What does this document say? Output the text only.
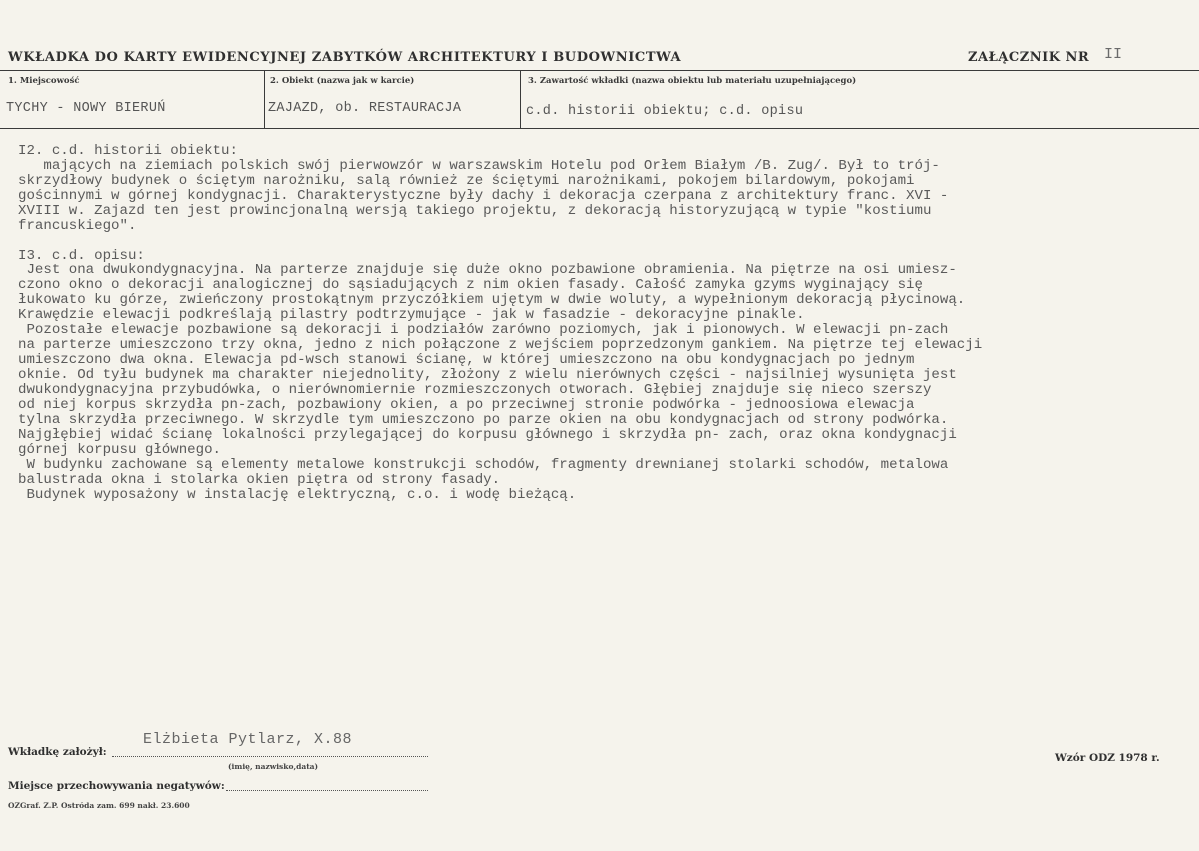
WKŁADKA DO KARTY EWIDENCYJNEJ ZABYTKÓW ARCHITEKTURY I BUDOWNICTWA	ZAŁĄCZNIK NR II
1. Miejscowość
TYCHY - NOWY BIERUŃ
2. Obiekt (nazwa jak w karcie)
ZAJAZD, ob. RESTAURACJA
3. Zawartość wkładki (nazwa obiektu lub materiału uzupełniającego)
c.d. historii obiektu; c.d. opisu
I2. c.d. historii obiektu:
mających na ziemiach polskich swój pierwowzór w warszawskim Hotelu pod Orłem Białym /B. Zug/. Był to trój-
skrzydłowy budynek o ściętym narożniku, salą również ze ściętymi narożnikami, pokojem bilardowym, pokojami
gościnnymi w górnej kondygnacji. Charakterystyczne były dachy i dekoracja czerpana z architektury franc. XVI -
XVIII w. Zajazd ten jest prowincjonalną wersją takiego projektu, z dekoracją historyzującą w typie "kostiumu
francuskiego".
I3. c.d. opisu:
Jest ona dwukondygnacyjna. Na parterze znajduje się duże okno pozbawione obramienia. Na piętrze na osi umiesz-
czono okno o dekoracji analogicznej do sąsiadujących z nim okien fasady. Całość zamyka gzyms wyginający się
łukowato ku górze, zwieńczony prostokątnym przyczółkiem ujętym w dwie woluty, a wypełnionym dekoracją płycinową.
Krawędzie elewacji podkreślają pilastry podtrzymujące - jak w fasadzie - dekoracyjne pinakle.
Pozostałe elewacje pozbawione są dekoracji i podziałów zarówno poziomych, jak i pionowych. W elewacji pn-zach
na parterze umieszczono trzy okna, jedno z nich połączone z wejściem poprzedzonym gankiem. Na piętrze tej elewacji
umieszczono dwa okna. Elewacja pd-wsch stanowi ścianę, w której umieszczono na obu kondygnacjach po jednym
oknie. Od tyłu budynek ma charakter niejednolity, złożony z wielu nierównych części - najsilniej wysunięta jest
dwukondygnacyjna przybudówka, o nierównomiernie rozmieszczonych otworach. Głębiej znajduje się nieco szerszy
od niej korpus skrzydła pn-zach, pozbawiony okien, a po przeciwnej stronie podwórka - jednoosiowa elewacja
tylna skrzydła przeciwnego. W skrzydle tym umieszczono po parze okien na obu kondygnacjach od strony podwórka.
Najgłębiej widać ścianę lokalności przylegającej do korpusu głównego i skrzydła pn- zach, oraz okna kondygnacji
górnej korpusu głównego.
W budynku zachowane są elementy metalowe konstrukcji schodów, fragmenty drewnianej stolarki schodów, metalowa
balustrada okna i stolarka okien piętra od strony fasady.
Budynek wyposażony w instalację elektryczną, c.o. i wodę bieżącą.
Wkładkę założył:
Elżbieta Pytlarz, X.88
(imię, nazwisko,data)
Miejsce przechowywania negatywów:
OZGraf. Z.P. Ostróda zam. 699 nakł. 23.600
Wzór ODZ 1978 r.
